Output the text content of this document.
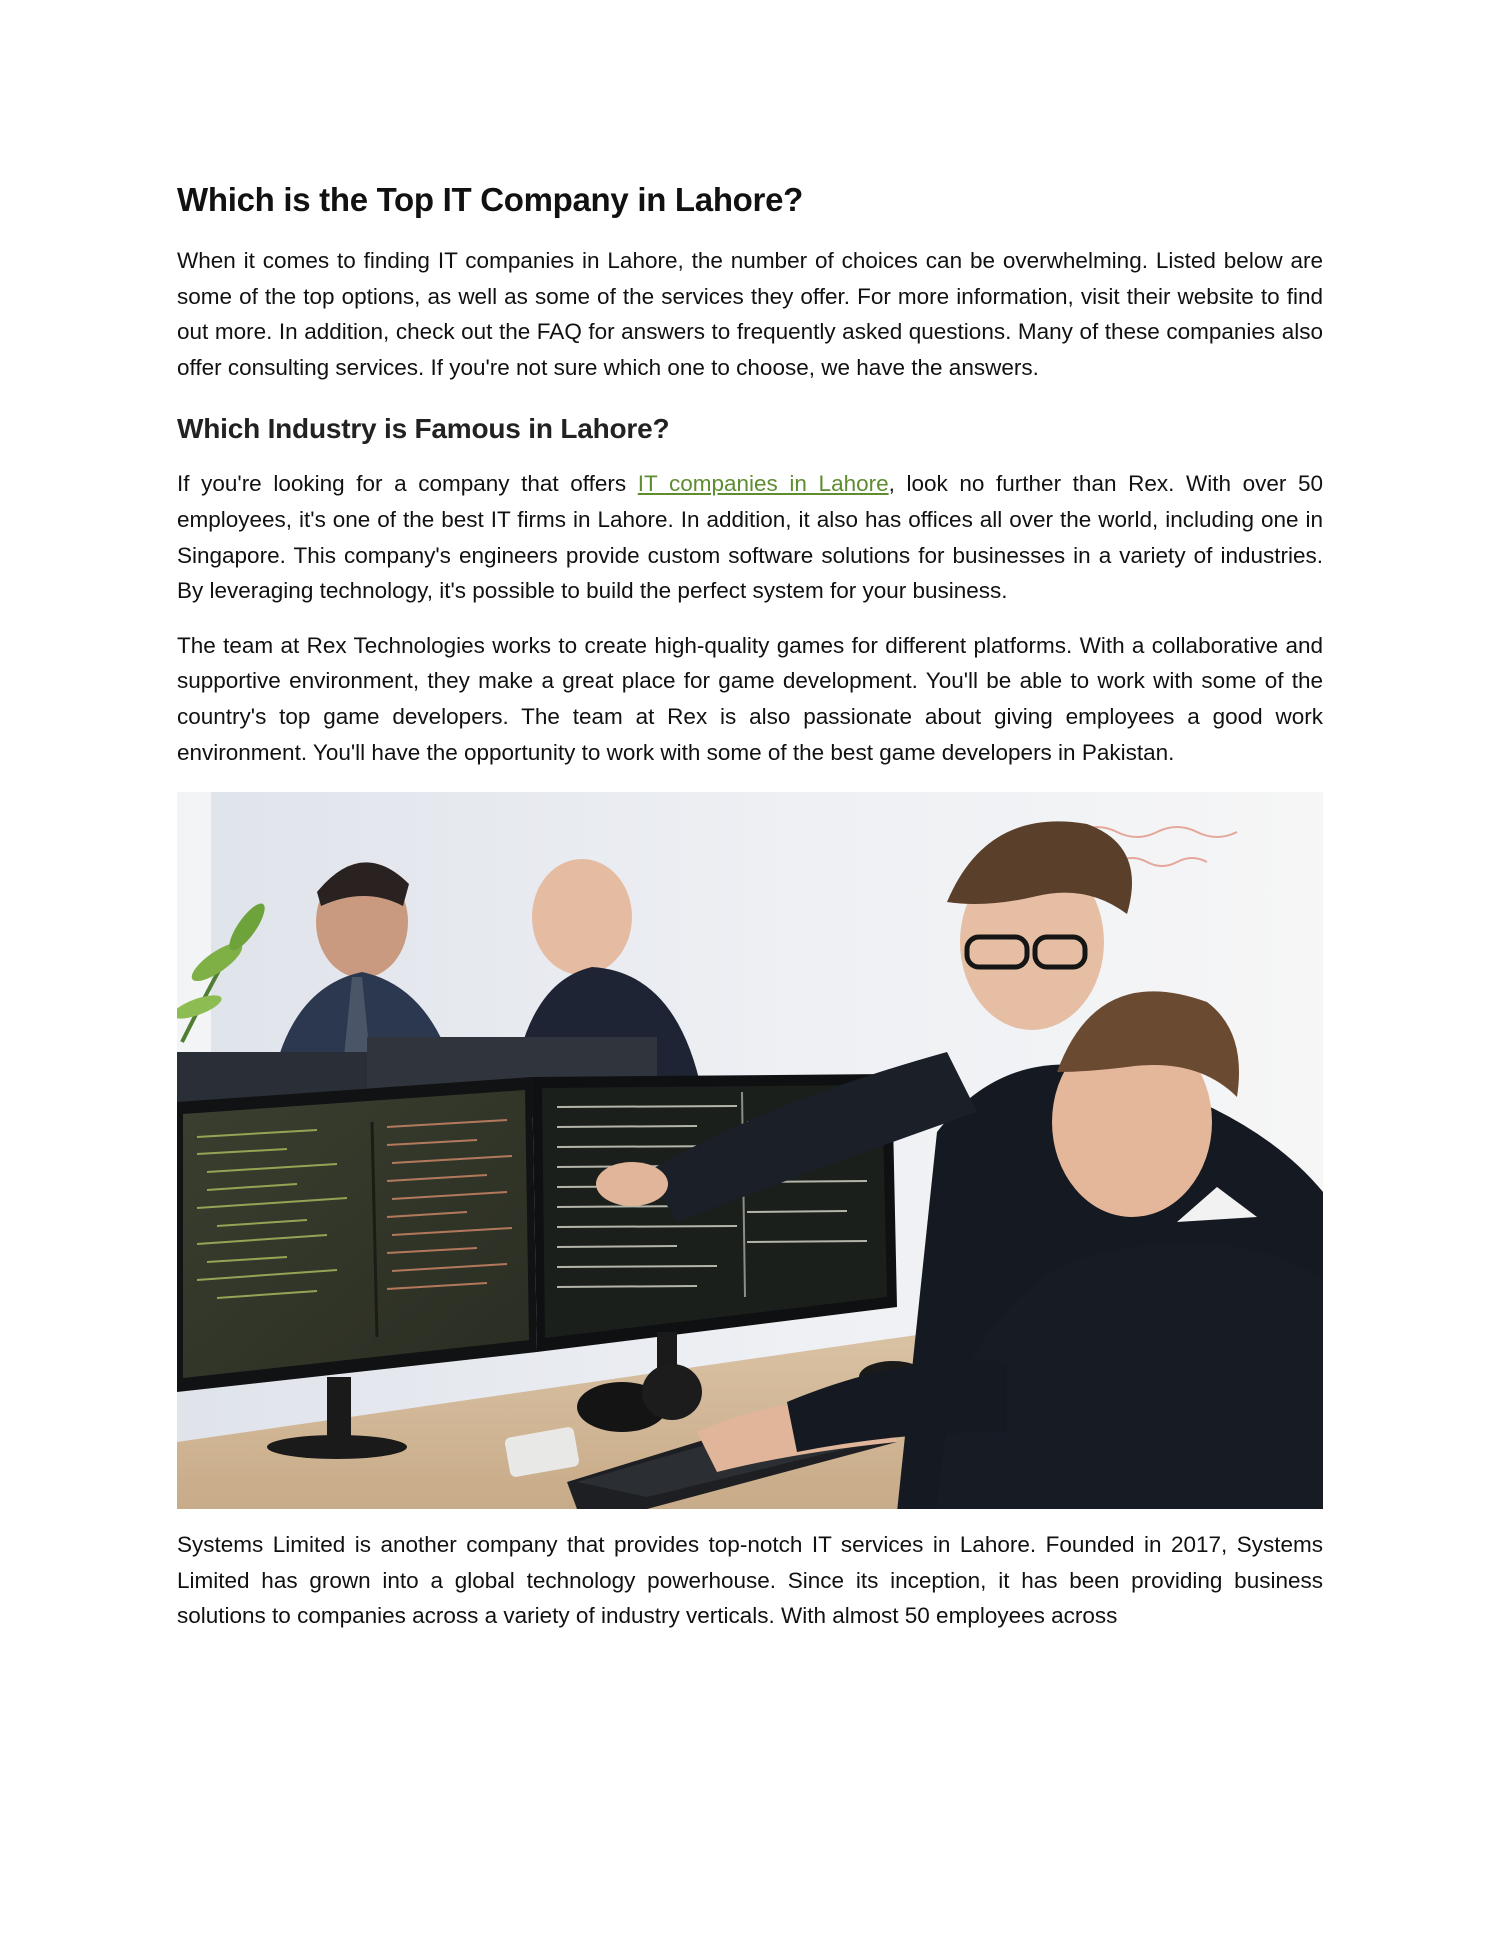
Which is the Top IT Company in Lahore?

When it comes to finding IT companies in Lahore, the number of choices can be overwhelming. Listed below are some of the top options, as well as some of the services they offer. For more information, visit their website to find out more. In addition, check out the FAQ for answers to frequently asked questions. Many of these companies also offer consulting services. If you're not sure which one to choose, we have the answers.

Which Industry is Famous in Lahore?

If you're looking for a company that offers IT companies in Lahore, look no further than Rex. With over 50 employees, it's one of the best IT firms in Lahore. In addition, it also has offices all over the world, including one in Singapore. This company's engineers provide custom software solutions for businesses in a variety of industries. By leveraging technology, it's possible to build the perfect system for your business.

The team at Rex Technologies works to create high-quality games for different platforms. With a collaborative and supportive environment, they make a great place for game development. You'll be able to work with some of the country's top game developers. The team at Rex is also passionate about giving employees a good work environment. You'll have the opportunity to work with some of the best game developers in Pakistan.

Systems Limited is another company that provides top-notch IT services in Lahore. Founded in 2017, Systems Limited has grown into a global technology powerhouse. Since its inception, it has been providing business solutions to companies across a variety of industry verticals. With almost 50 employees across
